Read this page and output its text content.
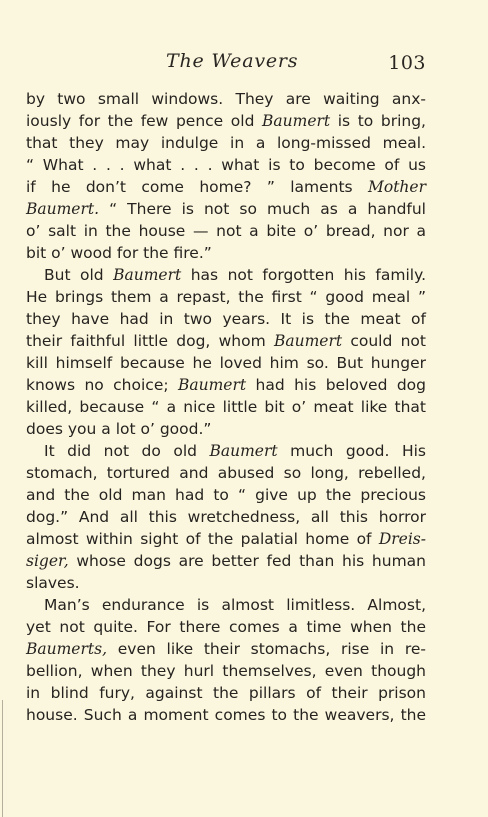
The Weavers	103
by two small windows. They are waiting anx-
iously for the few pence old Baumert is to bring,
that they may indulge in a long-missed meal.
“ What . . . what . . . what is to become of us
if he don’t come home? ” laments Mother
Baumert. “ There is not so much as a handful
o’ salt in the house — not a bite o’ bread, nor a
bit o’ wood for the fire.”
But old Baumert has not forgotten his family.
He brings them a repast, the first “ good meal ”
they have had in two years. It is the meat of
their faithful little dog, whom Baumert could not
kill himself because he loved him so. But hunger
knows no choice; Baumert had his beloved dog
killed, because “ a nice little bit o’ meat like that
does you a lot o’ good.”
It did not do old Baumert much good. His
stomach, tortured and abused so long, rebelled,
and the old man had to “ give up the precious
dog.” And all this wretchedness, all this horror
almost within sight of the palatial home of Dreis-
siger, whose dogs are better fed than his human
slaves.
Man’s endurance is almost limitless. Almost,
yet not quite. For there comes a time when the
Baumerts, even like their stomachs, rise in re-
bellion, when they hurl themselves, even though
in blind fury, against the pillars of their prison
house. Such a moment comes to the weavers, the
